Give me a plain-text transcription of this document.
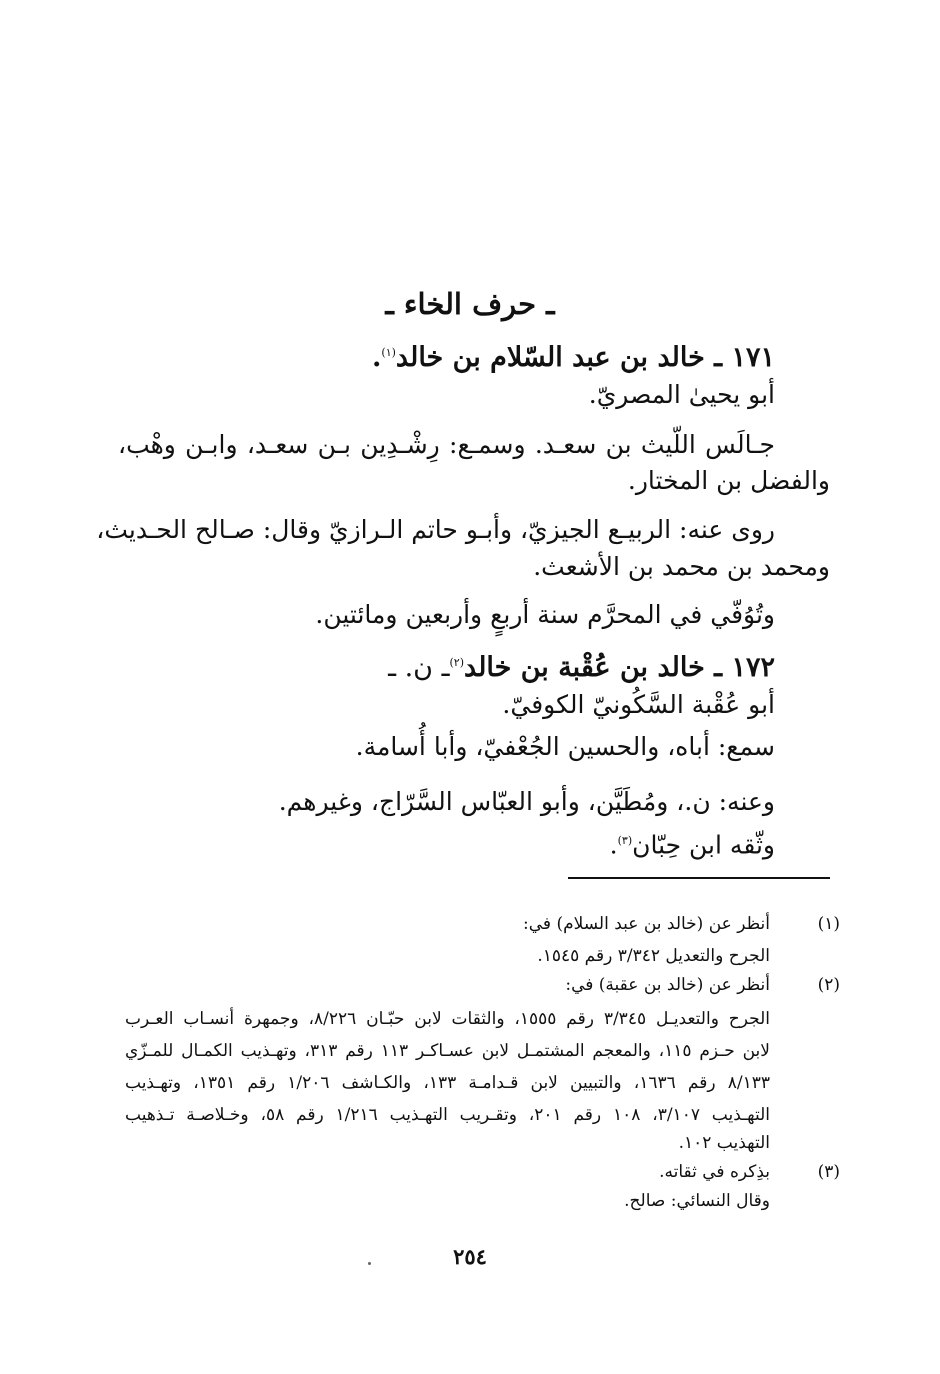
ـ حرف الخاء ـ
١٧١ ـ خالد بن عبد السّلام بن خالد$^{(١)}$.
أبو يحيىٰ المصريّ.
جـالَس اللّيث بن سعـد. وسمـع: رِشْـدِين بـن سعـد، وابـن وهْب،
والفضل بن المختار.
روى عنه: الربيـع الجيزيّ، وأبـو حاتم الـرازيّ وقال: صـالح الحـديث،
ومحمد بن محمد بن الأشعث.
وتُوُفّي في المحرَّم سنة أربعٍ وأربعين ومائتين.
١٧٢ ـ خالد بن عُقْبة بن خالد$^{(٢)}$ـ ن. ـ
أبو عُقْبة السَّكُونيّ الكوفيّ.
سمع: أباه، والحسين الجُعْفيّ، وأبا أُسامة.
وعنه: ن.، ومُطَيَّن، وأبو العبّاس السَّرّاج، وغيرهم.
وثّقه ابن حِبّان$^{(٣)}$.
(١)
أنظر عن (خالد بن عبد السلام) في:
الجرح والتعديل ٣/٣٤٢ رقم ١٥٤٥.
(٢)
أنظر عن (خالد بن عقبة) في:
الجرح والتعديـل ٣/٣٤٥ رقم ١٥٥٥، والثقات لابن حبّـان ٨/٢٢٦، وجمهرة أنسـاب العـرب
لابن حـزم ١١٥، والمعجم المشتمـل لابن عسـاكـر ١١٣ رقم ٣١٣، وتهـذيب الكمـال للمـزّي
٨/١٣٣ رقم ١٦٣٦، والتبيين لابن قـدامـة ١٣٣، والكـاشف ١/٢٠٦ رقم ١٣٥١، وتهـذيب
التهـذيب ٣/١٠٧، ١٠٨ رقم ٢٠١، وتقـريب التهـذيب ١/٢١٦ رقم ٥٨، وخـلاصـة تـذهيب
التهذيب ١٠٢.
(٣)
بذِكره في ثقاته.
وقال النسائي: صالح.
٢٥٤
